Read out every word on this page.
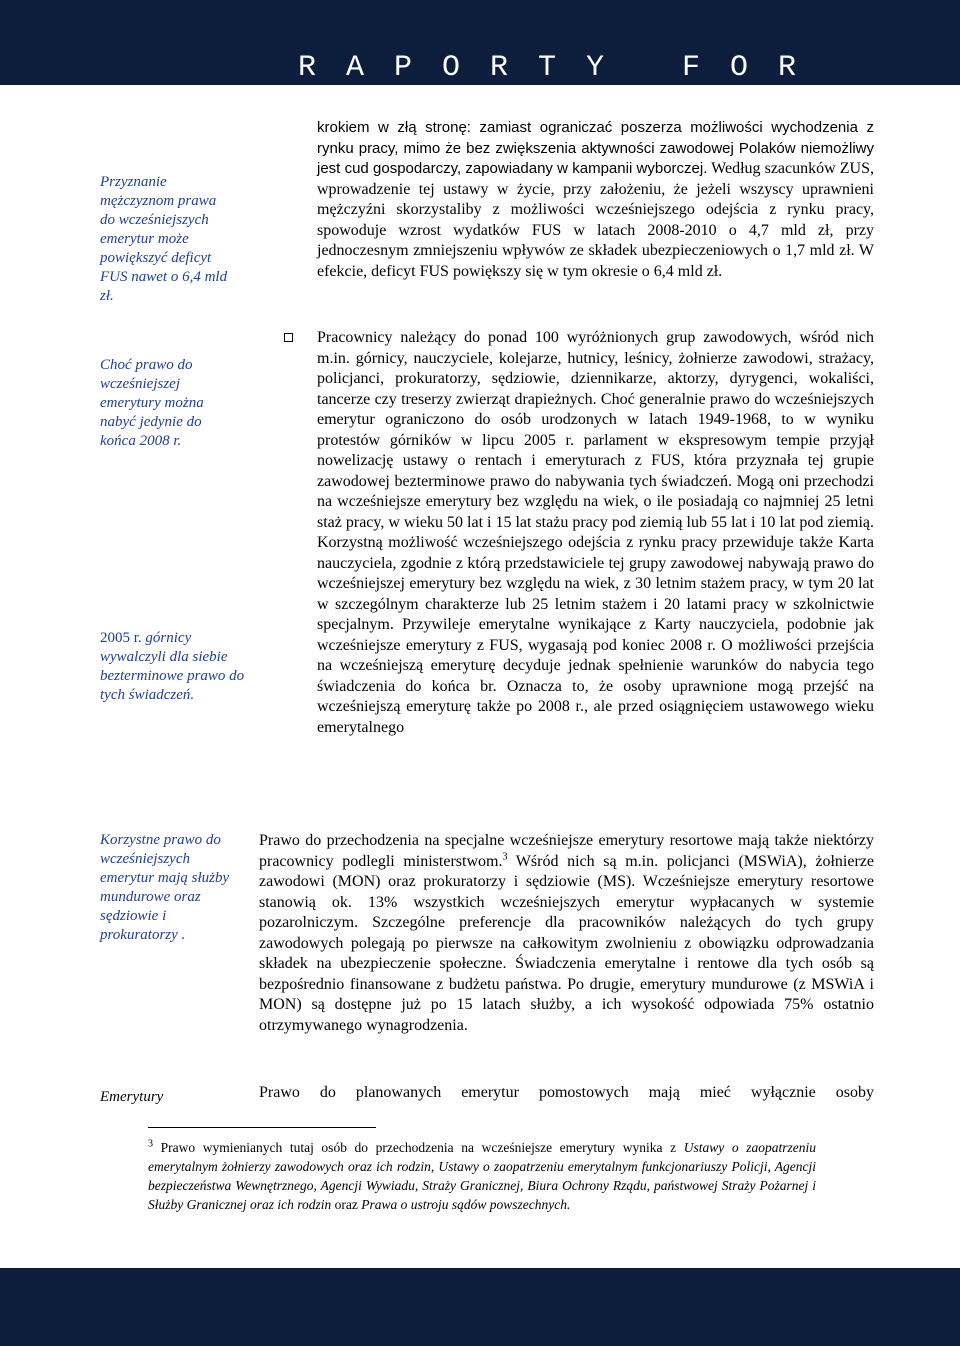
R A P O R T Y   F O R

Przyznanie mężczyznom prawa do wcześniejszych emerytur może powiększyć deficyt FUS nawet o 6,4 mld zł.

Choć prawo do wcześniejszej emerytury można nabyć jedynie do końca 2008 r.

2005 r. górnicy wywalczyli dla siebie bezterminowe prawo do tych świadczeń.

Korzystne prawo do wcześniejszych emerytur mają służby mundurowe oraz sędziowie i prokuratorzy .

Emerytury

krokiem w złą stronę: zamiast ograniczać poszerza możliwości wychodzenia z rynku pracy, mimo że bez zwiększenia aktywności zawodowej Polaków niemożliwy jest cud gospodarczy, zapowiadany w kampanii wyborczej. Według szacunków ZUS, wprowadzenie tej ustawy w życie, przy założeniu, że jeżeli wszyscy uprawnieni mężczyźni skorzystaliby z możliwości wcześniejszego odejścia z rynku pracy, spowoduje wzrost wydatków FUS w latach 2008-2010 o 4,7 mld zł, przy jednoczesnym zmniejszeniu wpływów ze składek ubezpieczeniowych o 1,7 mld zł. W efekcie, deficyt FUS powiększy się w tym okresie o 6,4 mld zł.

Pracownicy należący do ponad 100 wyróżnionych grup zawodowych, wśród nich m.in. górnicy, nauczyciele, kolejarze, hutnicy, leśnicy, żołnierze zawodowi, strażacy, policjanci, prokuratorzy, sędziowie, dziennikarze, aktorzy, dyrygenci, wokaliści, tancerze czy treserzy zwierząt drapieżnych. Choć generalnie prawo do wcześniejszych emerytur ograniczono do osób urodzonych w latach 1949-1968, to w wyniku protestów górników w lipcu 2005 r. parlament w ekspresowym tempie przyjął nowelizację ustawy o rentach i emeryturach z FUS, która przyznała tej grupie zawodowej bezterminowe prawo do nabywania tych świadczeń. Mogą oni przechodzi na wcześniejsze emerytury bez względu na wiek, o ile posiadają co najmniej 25 letni staż pracy, w wieku 50 lat i 15 lat stażu pracy pod ziemią lub 55 lat i 10 lat pod ziemią. Korzystną możliwość wcześniejszego odejścia z rynku pracy przewiduje także Karta nauczyciela, zgodnie z którą przedstawiciele tej grupy zawodowej nabywają prawo do wcześniejszej emerytury bez względu na wiek, z 30 letnim stażem pracy, w tym 20 lat w szczególnym charakterze lub 25 letnim stażem i 20 latami pracy w szkolnictwie specjalnym. Przywileje emerytalne wynikające z Karty nauczyciela, podobnie jak wcześniejsze emerytury z FUS, wygasają pod koniec 2008 r. O możliwości przejścia na wcześniejszą emeryturę decyduje jednak spełnienie warunków do nabycia tego świadczenia do końca br. Oznacza to, że osoby uprawnione mogą przejść na wcześniejszą emeryturę także po 2008 r., ale przed osiągnięciem ustawowego wieku emerytalnego

Prawo do przechodzenia na specjalne wcześniejsze emerytury resortowe mają także niektórzy pracownicy podlegli ministerstwom.$^3$ Wśród nich są m.in. policjanci (MSWiA), żołnierze zawodowi (MON) oraz prokuratorzy i sędziowie (MS). Wcześniejsze emerytury resortowe stanowią ok. 13% wszystkich wcześniejszych emerytur wypłacanych w systemie pozarolniczym. Szczególne preferencje dla pracowników należących do tych grupy zawodowych polegają po pierwsze na całkowitym zwolnieniu z obowiązku odprowadzania składek na ubezpieczenie społeczne. Świadczenia emerytalne i rentowe dla tych osób są bezpośrednio finansowane z budżetu państwa. Po drugie, emerytury mundurowe (z MSWiA i MON) są dostępne już po 15 latach służby, a ich wysokość odpowiada 75% ostatnio otrzymywanego wynagrodzenia.

Prawo do planowanych emerytur pomostowych mają mieć wyłącznie osoby

$^3$ Prawo wymienianych tutaj osób do przechodzenia na wcześniejsze emerytury wynika z Ustawy o zaopatrzeniu emerytalnym żołnierzy zawodowych oraz ich rodzin, Ustawy o zaopatrzeniu emerytalnym funkcjonariuszy Policji, Agencji bezpieczeństwa Wewnętrznego, Agencji Wywiadu, Straży Granicznej, Biura Ochrony Rządu, państwowej Straży Pożarnej i Służby Granicznej oraz ich rodzin oraz Prawa o ustroju sądów powszechnych.
